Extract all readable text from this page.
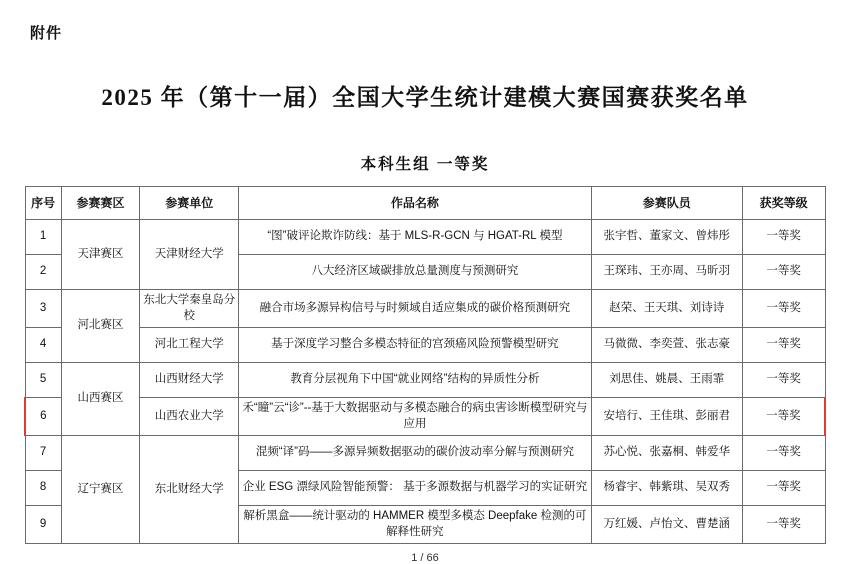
附件
2025 年（第十一届）全国大学生统计建模大赛国赛获奖名单
本科生组 一等奖
序号	参赛赛区	参赛单位	作品名称	参赛队员	获奖等级
1	天津赛区	天津财经大学	“图”破评论欺诈防线：基于 MLS-R-GCN 与 HGAT-RL 模型	张宇哲、董家文、曾炜彤	一等奖
2			八大经济区域碳排放总量测度与预测研究	王琛玮、王亦周、马昕羽	一等奖
3	河北赛区	东北大学秦皇岛分校	融合市场多源异构信号与时频域自适应集成的碳价格预测研究	赵荣、王天琪、刘诗诗	一等奖
4		河北工程大学	基于深度学习整合多模态特征的宫颈癌风险预警模型研究	马微微、李奕萱、张志豪	一等奖
5	山西赛区	山西财经大学	教育分层视角下中国“就业网络”结构的异质性分析	刘思佳、姚晨、王雨霏	一等奖
6		山西农业大学	禾“瞳”云“诊”--基于大数据驱动与多模态融合的病虫害诊断模型研究与应用	安培行、王佳琪、彭丽君	一等奖
7	辽宁赛区	东北财经大学	混频“译”码——多源异频数据驱动的碳价波动率分解与预测研究	苏心悦、张嘉桐、韩爱华	一等奖
8			企业 ESG 漂绿风险智能预警： 基于多源数据与机器学习的实证研究	杨睿宇、韩紫琪、吴双秀	一等奖
9			解析黑盒——统计驱动的 HAMMER 模型多模态 Deepfake 检测的可解释性研究	万红媛、卢怡文、曹楚涵	一等奖
1 / 66
